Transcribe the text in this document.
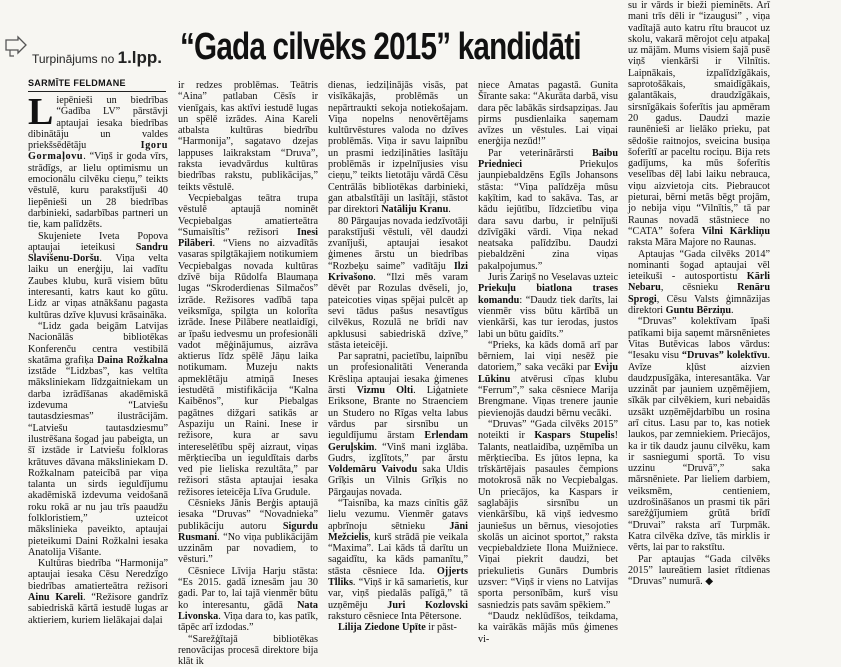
Turpinājums no 1.lpp. “Gada cilvēks 2015” kandidāti
SARMĪTE FELDMANE

Liepēnieši un biedrības “Gadība LV” pārstāvji aptaujai iesaka biedrības dibinātāju un valdes priekšsēdētāju Igoru Gormaļovu. “Viņš ir goda vīrs, strādīgs, ar lielu optimismu un emocionālu cilvēku cieņu,” teikts vēstulē, kuru parakstījuši 40 liepēnieši un 28 biedrības darbinieki, sadarbības partneri un tie, kam palīdzēts.

Skujenietе Iveta Popova aptaujai ieteikusi Sandru Slavišenu-Doršu. Viņa velta laiku un enerģiju, lai vadītu Zaubes klubu, kurā visiem būtu interesanti, katrs kaut ko gūtu. Lidz ar viņas atnākšanu pagasta kultūras dzīve kļuvusi krāsaināka.

“Lidz gada beigām Latvijas Nacionālās bibliotēkas Konferenču centra vestibilā skatāma grafiķa Daina Rožkalna izstāde “Lidzbas”, kas veltīta māksliniekam līdzgaitniekam un darba izrādīšanas akadēmiskā izdevuma “Latviešu tautasdziesmas” ilustrācijām. “Latviešu tautasdziesmu” ilustrēšana šogad jau pabeigta, un šī izstāde ir Latviešu folkloras krātuves dāvana māksliniekam D. Rožkalnam pateicībā par viņa talanta un sirds ieguldījumu akadēmiskā izdevuma veidošanā roku rokā ar nu jau trīs paaudžu folkloristiem,” uzteicot mākslinieka paveikto, aptaujai pieteikumi Daini Rožkalni iesaka Anatolija Višante.

Kultūras biedrība “Harmonija” aptaujai iesaka Cēsu Neredzīgo biedrības amatierteātra režisori Ainu Kareli. “Režisore gandrīz sabiedriskā kārtā iestudē lugas ar aktieriem, kuriem lielākajai daļai

ir redzes problēmas. Teātris “Aina” patlaban Cēsīs ir vienīgais, kas aktīvi iestudē lugas un spēlē izrādes. Aina Kareli atbalsta kultūras biedrību “Harmonija”, sagatavo dzejas lappuses laikrakstam “Druva”, raksta ievadvārdus kultūras biedrības rakstu, publikācijas,” teikts vēstulē.

Vecpiebalgas teātra trupa vēstulē aptaujā nominēt Vecpiebalgas amatierteātra “Sumaisītis” režisori Inesi Pilāberi. “Viens no aizvadītās vasaras spilgtākajiem notikumiem Vecpiebalgas novada kultūras dzīvē bija Rūdolfa Blaumaņa lugas “Skroderdienas Silmačos” izrāde. Režisores vadībā tapa veiksmīga, spilgta un kolorīta izrāde. Inese Pilābere neatlaidīgi, ar īpašu iedvesmu un profesionāli vadot mēģinājumus, aizrāva aktierus līdz spēlē Jāņu laika notikumam. Muzeju nakts apmeklētāju atmiņā Ineses iestudētā mistifikācija “Kalna Kaibēnos”, kur Piebalgas pagātnes dižgari satikās ar Aspaziju un Raini. Inese ir režisore, kura ar savu intereselētību spēj aizraut, viņas mērķtiecība un ieguldītais darbs ved pie lieliska rezultāta,” par režisori stāsta aptaujai iesaka režisores ieteicēja Līva Grudule.

Cēsnieks Jānis Berģis aptaujā iesaka “Druvas” “Novadnieka” publikāciju autoru Sigurdu Rusmani. “No viņa publikācijām uzzinām par novadiem, to vēsturi.”

Cēsniece Līvija Harju stāsta: “Es 2015. gadā iznesām jau 30 gadi. Par to, lai tajā vienmēr būtu ko interesantu, gādā Nata Livonska. Viņa dara to, kas patīk, tāpēc arī izdodas.”

“Sarežģītajā bibliotēkas renovācijas procesā direktore bija klāt ik

dienas, iedziļinājās visās, pat visīkākajās, problēmās un nepārtraukti sekoja notiekošajam. Viņa nopelns nenovērtējams kultūrvēstures valoda no dzīves problēmās. Viņa ir savu laipnību un prasmi iedziļināties lasītāju problēmās ir izpelnījusies visu cieņu,” teikts lietotāju vārdā Cēsu Centrālās bibliotēkas darbinieki, gan atbalstītāji un lasītāji, stāstot par direktori Natāliju Kranu.

80 Pārgaujas novada iedzīvotāji parakstījuši vēstuli, vēl daudzi zvanījuši, aptaujai iesakot ģimenes ārstu un biedrības “Rozbeķu saime” vadītāju Ilzi Krivašono. “Ilzi mēs varam dēvēt par Rozulas dvēseli, jo, pateicoties viņas spējai pulcēt ap sevi tādus pašus nesavtīgus cilvēkus, Rozulā ne brīdi nav apklususi sabiedriskā dzīve,” stāsta ieteicēji.

Par sapratni, pacietību, laipnību un profesionalitāti Veneranda Krēsliņa aptaujai iesaka ģimenes ārsti Vizmu Olti. Liģatniete Eriksone, Brante no Straenciem un Studero no Rīgas velta labus vārdus par sirsnību un ieguldījumu ārstam Erlendam Geruļskim. “Vinš mani izglāba. Gudrs, izglītots,” par ārstu Voldemāru Vaivodu saka Uldis Grīķis un Vilnis Grīķis no Pārgaujas novada.

“Taisnība, ka mazs cinītis gāž lielu vezumu. Vienmēr gatavs apbrīnoju sētnieku Jāni Mežcielis, kurš strādā pie veikala “Maxima”. Lai kāds tā darītu un sagaidītu, ka kāds pamanītu,” stāsta cēsniece Ida. Ojjerts Tlliks. “Viņš ir kā samariеtis, kur var, viņš piedalās palīgā,” tā uzņēmēju Juri Kozlovski raksturo cēsniece Inta Pētersone.

Lilija Ziedone Upīte ir pāst-

niece Amatas pagastā. Gunita Šīrante saka: “Akurāta darbā, visu dara pēc labākās sirdsapziņas. Jau pirms pusdienlaika saņemam avīzes un vēstules. Lai viņai enerģija nezūd!”

Par veterinārārsti Baibu Priednieci Priekuļos jaunpiebaldzēns Egīls Johansons stāsta: “Viņa palīdzēja mūsu kaķītim, kad to sakāva. Tas, ar kādu iejūtību, līdzcietību viņa dara savu darbu, ir pelnījuši dzīvīgāki vārdi. Viņa nekad neatsaka palīdzību. Daudzi piebaldzēni zina viņas pakalpojumus.”

Juris Zariņš no Veselavas uzteic Priekuļu biatlona trases komandu: “Daudz tiek darīts, lai vienmēr viss būtu kārtībā un vienkārši, kas tur ierodas, justos labi un būtu gaidīts.”

“Prieks, ka kāds domā arī par bērniem, lai viņi nesēž pie datoriem,” saka vecāki par Eviju Lūkinu atvērusi cīņas klubu “Ferrum”,” saka cēsniece Marija Brengmane. Viņas trenere jaunie pievienojās daudzi bērnu vecāki.

“Druvas” “Gada cilvēks 2015” noteikti ir Kaspars Stupelis! Talants, neatlaidība, uzņēmība un mērķtiecība. Es jūtos lepna, ka trīskārtējais pasaules čempions motokrosā nāk no Vecpiebalgas. Un priecājos, ka Kaspars ir saglabājis sirsnību un vienkāršību, kā viņš iedvesmo jauniešus un bērnus, viesojoties skolās un aicinot sportot,” raksta vecpiebaldziete Ilona Muižniece. Viņai piekrit daudzi, bet priekulietis Gunārs Dumbris uzsver: “Viņš ir viens no Latvijas sporta personībām, kurš visu sasniedzis pats savām spēkiem.”

“Daudz neklūdīšos, teikdama, ka vairākās mājās mūs ģimenes vi-

su ir vārds ir bieži pieminēts. Arī mani trīs dēli ir “izaugusi” , viņa vadītajā auto katru rītu braucot uz skolu, vakarā mērojot ceļu atpakaļ uz mājām. Mums visiem šajā pusē viņš vienkārši ir Vilnītis. Laipnākais, izpalīdzīgākais, saprotošākais, smaidīgākais, galantākais, draudzīgākais, sirsnīgākais šoferītis jau apmēram 20 gadus. Daudzi mazie raunēnieši ar lielāko prieku, pat sēdošie raitnojos, sveicina busiņa šoferītī ar paceltu rociņu. Bija rets gadījums, ka mūs šoferītis veselības dēļ labi laiku nebrauca, viņu aizvietoja cits. Piebraucot pieturai, bērni metās bēgt projām, jo nebija viņu “Vilnītis,” tā par Raunas novadā stāstniece no “CATA” šofera Vilni Kārkliņu raksta Māra Majore no Raunas.

Aptaujas “Gada cilvēks 2014” nominanti šogad aptaujai vēl ieteikuši - autosportistu Kārli Nebaru, cēsnieku Renāru Sprogi, Cēsu Valsts ģimnāzijas direktori Guntu Bērziņu.

“Druvas” kolektīvam īpaši patīkami bija saņemt mārsnēnietes Vitas Butēvicas labos vārdus: “Iesaku visu “Druvas” kolektīvu. Avīze kļūst aizvien daudzpusīgāka, interesantāka. Var uzzināt par jauniem uzņēmējiem, sīkāk par cilvēkiem, kuri nebaidās uzsākt uzņēmējdarbību un rosina arī citus. Lasu par to, kas notiek laukos, par zemniekiem. Priecājos, ka ir tik daudz jaunu cilvēku, kam ir sasniegumi sportā. To visu uzzinu “Druvā”,” saka mārsnēniete. Par lieliem darbiem, veiksmēm, centieniem, uzdrošināšanos un prasmi tik pāri sarežģījumiem grūtā brīdī “Druvai” raksta arī Turpmāk. Katra cilvēka dzīve, tās mirklis ir vērts, lai par to rakstītu.

Par aptaujas “Gada cilvēks 2015” laureātiem lasiet rītdienas “Druvas” numurā. ◆
